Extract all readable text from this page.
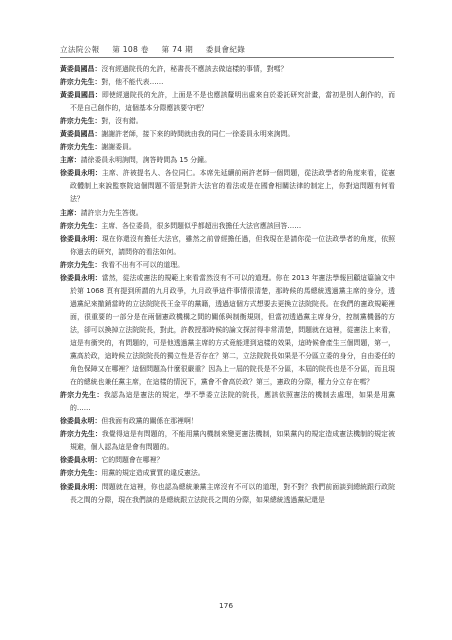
立法院公報 第 108 卷 第 74 期 委員會紀錄
黃委員國昌：沒有經過院長的允許，秘書長不應該去做這樣的事情，對嗎？
許宗力先生：對，他不能代表……
黃委員國昌：即使經過院長的允許，上面是不是也應該釐明出處來自於委託研究計畫，當初是別人創作的，而不是自己創作的，這個基本分際應該要守吧？
許宗力先生：對，沒有錯。
黃委員國昌：謝謝許老師，接下來的時間就由我的同仁一徐委員永明來詢問。
許宗力先生：謝謝委員。
主席：請徐委員永明詢問，詢答時間為 15 分鐘。
徐委員永明：主席、許被提名人、各位同仁。本席先延續前兩許老師一個問題，從法政學者的角度來看，從憲政體制上來說監察院這個問題不管是對許大法官的看法或是在國會相關法律的制定上，你對這問題有何看法？
主席：請許宗力先生答復。
許宗力先生：主席、各位委員，很多問題似乎都超出我擔任大法官應該回答……
徐委員永明：現在你還沒有擔任大法官，雖然之前曾經擔任過，但我現在是請你從一位法政學者的角度，依照你過去的研究，請問你的看法如何。
許宗力先生：我看不出有不可以的道理。
徐委員永明：當然，從法或憲法的規範上來看當然沒有不可以的道理。你在 2013 年憲法學報回顧這篇論文中於第 1068 頁有提到所謂的九月政爭，九月政爭這件事情很清楚，那時候的馬總統透過黨主席的身分，透過黨紀來撤銷當時的立法院院長王金平的黨籍，透過這個方式想要去更換立法院院長。在我們的憲政規範裡面，很重要的一部分是在兩個憲政機構之間的關係與制衡規則，但當初透過黨主席身分，控制黨機器的方法，卻可以換掉立法院院長，對此，許教授那時候的論文探討得非常清楚，問題就在這裡，從憲法上來看，這是有衝突的，有問題的，可是他透過黨主席的方式竟能達到這樣的效果，這時候會產生三個問題，第一，黨高於政，這時候立法院院長的獨立性是否存在？第二，立法院院長如果是不分區立委的身分，自由委任的角色保障又在哪裡？這個問題為什麼很嚴重？因為上一屆的院長是不分區，本屆的院長也是不分區，而且現在的總統也兼任黨主席，在這樣的情況下，黨會不會高於政？第三，憲政的分際，權力分立存在嗎？
許宗力先生：我認為這是憲法的規定，學不學委立法院的院長，應該依照憲法的機制去處理，如果是用黨的……
徐委員永明：但我面有政黨的關係在那裡啊！
許宗力先生：我覺得這是有問題的，不能用黨內機制來變更憲法機制，如果黨內的規定造成憲法機制的規定被規避，個人認為這是會有問題的。
徐委員永明：它的問題會在哪裡？
許宗力先生：用黨的規定造成實質的違反憲法。
徐委員永明：問題就在這裡，你也認為總統兼黨主席沒有不可以的道理，對不對？我們前面談到總統跟行政院長之間的分際，現在我們談的是總統跟立法院長之間的分際，如果總統透過黨紀還是
176
